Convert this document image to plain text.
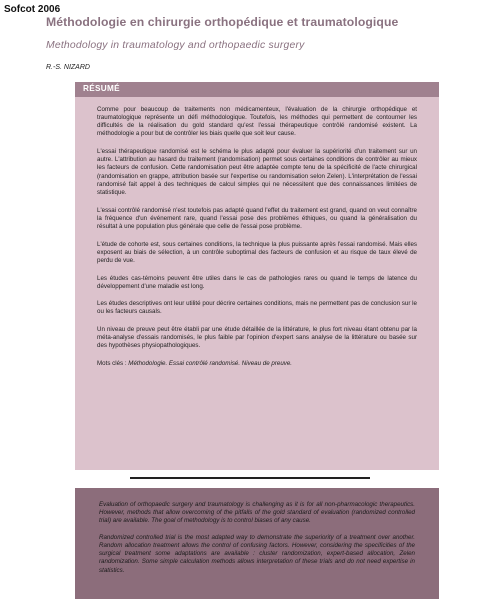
Sofcot 2006
Méthodologie en chirurgie orthopédique et traumatologique
Methodology in traumatology and orthopaedic surgery
R.-S. NIZARD
RÉSUMÉ

Comme pour beaucoup de traitements non médicamenteux, l'évaluation de la chirurgie orthopédique et traumatologique représente un défi méthodologique. Toutefois, les méthodes qui permettent de contourner les difficultés de la réalisation du gold standard qu'est l'essai thérapeutique contrôlé randomisé existent. La méthodologie a pour but de contrôler les biais quelle que soit leur cause.

L'essai thérapeutique randomisé est le schéma le plus adapté pour évaluer la supériorité d'un traitement sur un autre. L'attribution au hasard du traitement (randomisation) permet sous certaines conditions de contrôler au mieux les facteurs de confusion. Cette randomisation peut être adaptée compte tenu de la spécificité de l'acte chirurgical (randomisation en grappe, attribution basée sur l'expertise ou randomisation selon Zelen). L'interprétation de l'essai randomisé fait appel à des techniques de calcul simples qui ne nécessitent que des connaissances limitées de statistique.

L'essai contrôlé randomisé n'est toutefois pas adapté quand l'effet du traitement est grand, quand on veut connaître la fréquence d'un événement rare, quand l'essai pose des problèmes éthiques, ou quand la généralisation du résultat à une population plus générale que celle de l'essai pose problème.

L'étude de cohorte est, sous certaines conditions, la technique la plus puissante après l'essai randomisé. Mais elles exposent au biais de sélection, à un contrôle suboptimal des facteurs de confusion et au risque de taux élevé de perdu de vue.

Les études cas-témoins peuvent être utiles dans le cas de pathologies rares ou quand le temps de latence du développement d'une maladie est long.

Les études descriptives ont leur utilité pour décrire certaines conditions, mais ne permettent pas de conclusion sur le ou les facteurs causals.

Un niveau de preuve peut être établi par une étude détaillée de la littérature, le plus fort niveau étant obtenu par la méta-analyse d'essais randomisés, le plus faible par l'opinion d'expert sans analyse de la littérature ou basée sur des hypothèses physiopathologiques.

Mots clés : Méthodologie. Essai contrôlé randomisé. Niveau de preuve.

Evaluation of orthopaedic surgery and traumatology is challenging as it is for all non-pharmacologic therapeutics. However, methods that allow overcoming of the pitfalls of the gold standard of evaluation (randomized controlled trial) are available. The goal of methodology is to control biases of any cause.

Randomized controlled trial is the most adapted way to demonstrate the superiority of a treatment over another. Random allocation treatment allows the control of confusing factors. However, considering the specificities of the surgical treatment some adaptations are available : cluster randomization, expert-based allocation, Zelen randomization. Some simple calculation methods allows interpretation of these trials and do not need expertise in statistics.
